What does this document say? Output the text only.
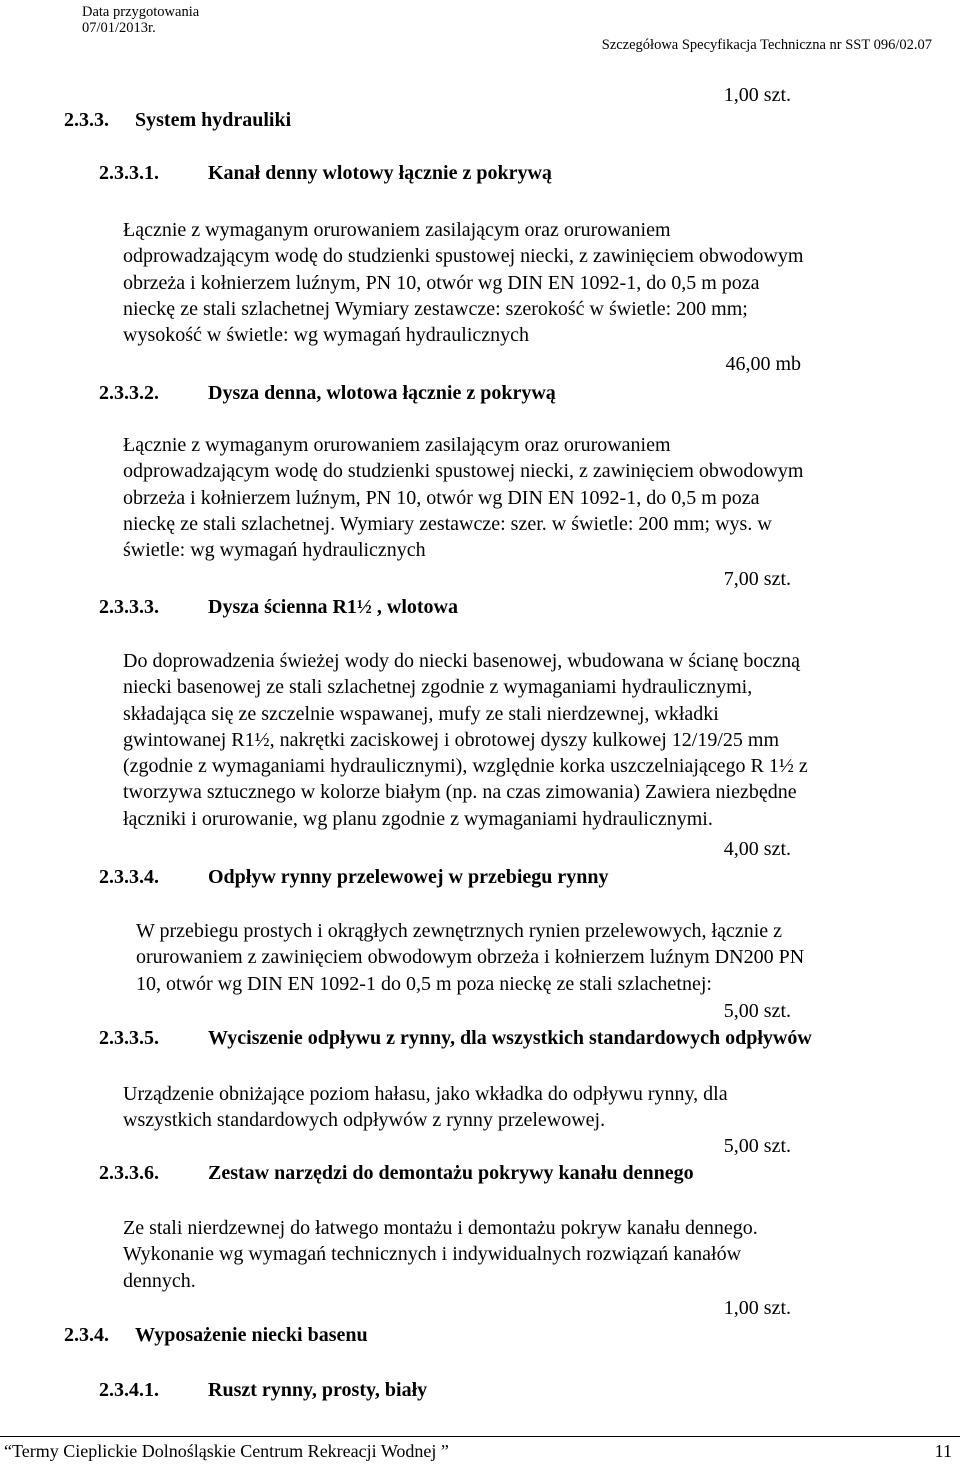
Data przygotowania
07/01/2013r.
Szczegółowa Specyfikacja Techniczna nr SST 096/02.07
1,00 szt.
2.3.3. System hydrauliki
2.3.3.1. Kanał denny wlotowy łącznie z pokrywą
Łącznie z wymaganym orurowaniem zasilającym oraz orurowaniem
odprowadzającym wodę do studzienki spustowej niecki, z zawinięciem obwodowym
obrzeża i kołnierzem luźnym, PN 10, otwór wg DIN EN 1092-1, do 0,5 m poza
nieckę ze stali szlachetnej Wymiary zestawcze: szerokość w świetle: 200 mm;
wysokość w świetle: wg wymagań hydraulicznych
46,00 mb
2.3.3.2. Dysza denna, wlotowa łącznie z pokrywą
Łącznie z wymaganym orurowaniem zasilającym oraz orurowaniem
odprowadzającym wodę do studzienki spustowej niecki, z zawinięciem obwodowym
obrzeża i kołnierzem luźnym, PN 10, otwór wg DIN EN 1092-1, do 0,5 m poza
nieckę ze stali szlachetnej. Wymiary zestawcze: szer. w świetle: 200 mm; wys. w
świetle: wg wymagań hydraulicznych
7,00 szt.
2.3.3.3. Dysza ścienna R1½ , wlotowa
Do doprowadzenia świeżej wody do niecki basenowej, wbudowana w ścianę boczną
niecki basenowej ze stali szlachetnej zgodnie z wymaganiami hydraulicznymi,
składająca się ze szczelnie wspawanej, mufy ze stali nierdzewnej, wkładki
gwintowanej R1½, nakrętki zaciskowej i obrotowej dyszy kulkowej 12/19/25 mm
(zgodnie z wymaganiami hydraulicznymi), względnie korka uszczelniającego R 1½ z
tworzywa sztucznego w kolorze białym (np. na czas zimowania) Zawiera niezbędne
łączniki i orurowanie, wg planu zgodnie z wymaganiami hydraulicznymi.
4,00 szt.
2.3.3.4. Odpływ rynny przelewowej w przebiegu rynny
W przebiegu prostych i okrągłych zewnętrznych rynien przelewowych, łącznie z
orurowaniem z zawinięciem obwodowym obrzeża i kołnierzem luźnym DN200 PN
10, otwór wg DIN EN 1092-1 do 0,5 m poza nieckę ze stali szlachetnej:
5,00 szt.
2.3.3.5. Wyciszenie odpływu z rynny, dla wszystkich standardowych odpływów
Urządzenie obniżające poziom hałasu, jako wkładka do odpływu rynny, dla
wszystkich standardowych odpływów z rynny przelewowej.
5,00 szt.
2.3.3.6. Zestaw narzędzi do demontażu pokrywy kanału dennego
Ze stali nierdzewnej do łatwego montażu i demontażu pokryw kanału dennego.
Wykonanie wg wymagań technicznych i indywidualnych rozwiązań kanałów
dennych.
1,00 szt.
2.3.4. Wyposażenie niecki basenu
2.3.4.1. Ruszt rynny, prosty, biały
“Termy Cieplickie Dolnośląskie Centrum Rekreacji Wodnej ”	11
